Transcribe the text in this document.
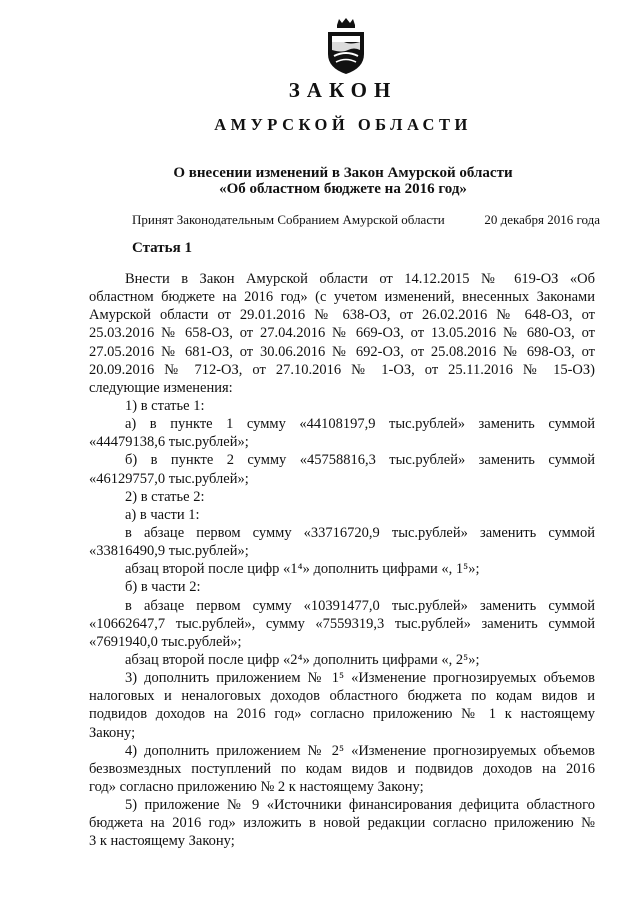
ЗАКОН
АМУРСКОЙ ОБЛАСТИ
О внесении изменений в Закон Амурской области
«Об областном бюджете на 2016 год»
Принят Законодательным Собранием Амурской области	20 декабря 2016 года
Статья 1
Внести в Закон Амурской области от 14.12.2015 № 619-ОЗ «Об
областном бюджете на 2016 год» (с учетом изменений, внесенных Законами
Амурской области от 29.01.2016 № 638-ОЗ, от 26.02.2016 № 648-ОЗ, от
25.03.2016 № 658-ОЗ, от 27.04.2016 № 669-ОЗ, от 13.05.2016 № 680-ОЗ, от
27.05.2016 № 681-ОЗ, от 30.06.2016 № 692-ОЗ, от 25.08.2016 № 698-ОЗ, от
20.09.2016 № 712-ОЗ, от 27.10.2016 № 1-ОЗ, от 25.11.2016 № 15-ОЗ)
следующие изменения:
1) в статье 1:
а) в пункте 1 сумму «44108197,9 тыс.рублей» заменить суммой
«44479138,6 тыс.рублей»;
б) в пункте 2 сумму «45758816,3 тыс.рублей» заменить суммой
«46129757,0 тыс.рублей»;
2) в статье 2:
а) в части 1:
в абзаце первом сумму «33716720,9 тыс.рублей» заменить суммой
«33816490,9 тыс.рублей»;
абзац второй после цифр «1⁴» дополнить цифрами «, 1⁵»;
б) в части 2:
в абзаце первом сумму «10391477,0 тыс.рублей» заменить суммой
«10662647,7 тыс.рублей», сумму «7559319,3 тыс.рублей» заменить суммой
«7691940,0 тыс.рублей»;
абзац второй после цифр «2⁴» дополнить цифрами «, 2⁵»;
3) дополнить приложением № 1⁵ «Изменение прогнозируемых объемов
налоговых и неналоговых доходов областного бюджета по кодам видов и
подвидов доходов на 2016 год» согласно приложению № 1 к настоящему
Закону;
4) дополнить приложением № 2⁵ «Изменение прогнозируемых объемов
безвозмездных поступлений по кодам видов и подвидов доходов на 2016
год» согласно приложению № 2 к настоящему Закону;
5) приложение № 9 «Источники финансирования дефицита областного
бюджета на 2016 год» изложить в новой редакции согласно приложению №
3 к настоящему Закону;
